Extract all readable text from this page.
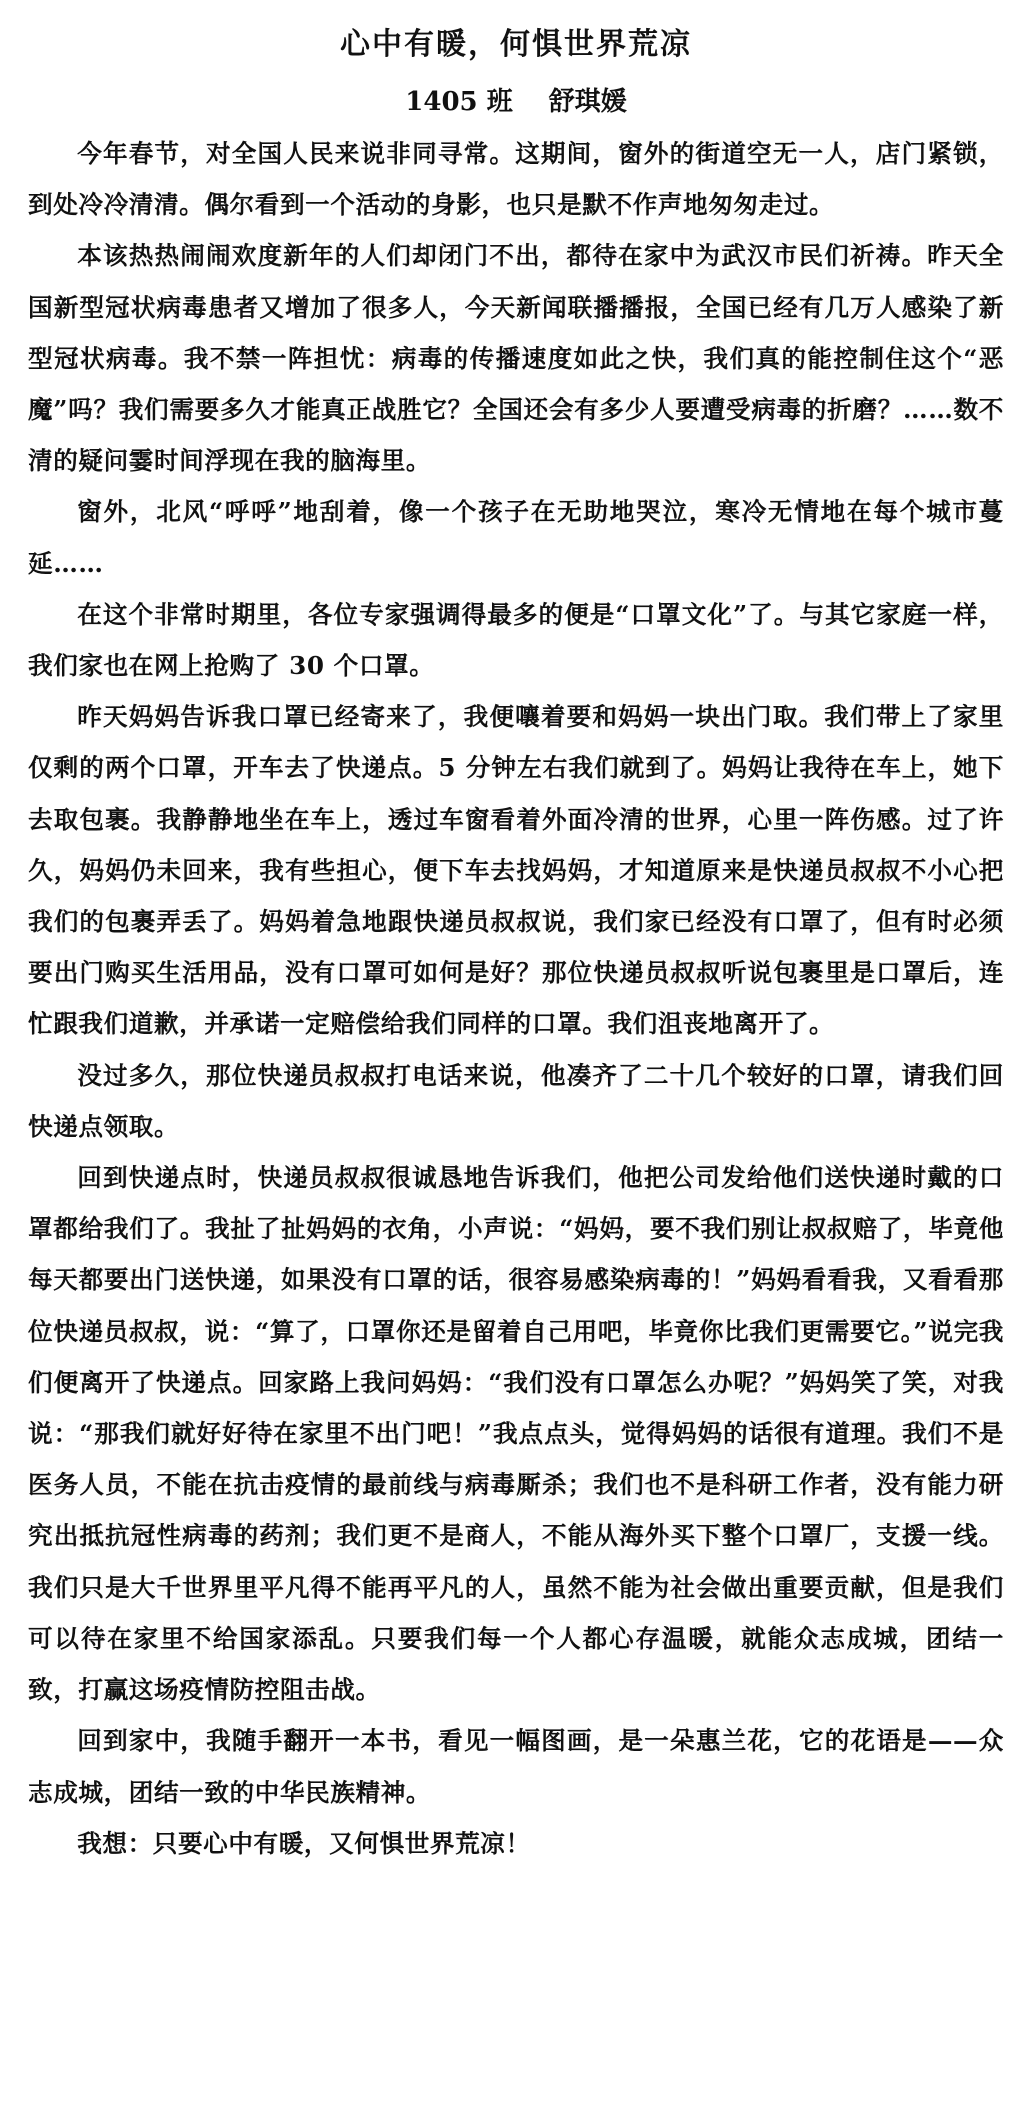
心中有暖，何惧世界荒凉
1405 班 舒琪媛

今年春节，对全国人民来说非同寻常。这期间，窗外的街道空无一人，店门紧锁，到处冷冷清清。偶尔看到一个活动的身影，也只是默不作声地匆匆走过。

本该热热闹闹欢度新年的人们却闭门不出，都待在家中为武汉市民们祈祷。昨天全国新型冠状病毒患者又增加了很多人，今天新闻联播播报，全国已经有几万人感染了新型冠状病毒。我不禁一阵担忧：病毒的传播速度如此之快，我们真的能控制住这个“恶魔”吗？我们需要多久才能真正战胜它？全国还会有多少人要遭受病毒的折磨？……数不清的疑问霎时间浮现在我的脑海里。

窗外，北风“呼呼”地刮着，像一个孩子在无助地哭泣，寒冷无情地在每个城市蔓延……

在这个非常时期里，各位专家强调得最多的便是“口罩文化”了。与其它家庭一样，我们家也在网上抢购了 30 个口罩。

昨天妈妈告诉我口罩已经寄来了，我便嚷着要和妈妈一块出门取。我们带上了家里仅剩的两个口罩，开车去了快递点。5 分钟左右我们就到了。妈妈让我待在车上，她下去取包裹。我静静地坐在车上，透过车窗看着外面冷清的世界，心里一阵伤感。过了许久，妈妈仍未回来，我有些担心，便下车去找妈妈，才知道原来是快递员叔叔不小心把我们的包裹弄丢了。妈妈着急地跟快递员叔叔说，我们家已经没有口罩了，但有时必须要出门购买生活用品，没有口罩可如何是好？那位快递员叔叔听说包裹里是口罩后，连忙跟我们道歉，并承诺一定赔偿给我们同样的口罩。我们沮丧地离开了。

没过多久，那位快递员叔叔打电话来说，他凑齐了二十几个较好的口罩，请我们回快递点领取。

回到快递点时，快递员叔叔很诚恳地告诉我们，他把公司发给他们送快递时戴的口罩都给我们了。我扯了扯妈妈的衣角，小声说：“妈妈，要不我们别让叔叔赔了，毕竟他每天都要出门送快递，如果没有口罩的话，很容易感染病毒的！”妈妈看看我，又看看那位快递员叔叔，说：“算了，口罩你还是留着自己用吧，毕竟你比我们更需要它。”说完我们便离开了快递点。回家路上我问妈妈：“我们没有口罩怎么办呢？”妈妈笑了笑，对我说：“那我们就好好待在家里不出门吧！”我点点头，觉得妈妈的话很有道理。我们不是医务人员，不能在抗击疫情的最前线与病毒厮杀；我们也不是科研工作者，没有能力研究出抵抗冠性病毒的药剂；我们更不是商人，不能从海外买下整个口罩厂，支援一线。我们只是大千世界里平凡得不能再平凡的人，虽然不能为社会做出重要贡献，但是我们可以待在家里不给国家添乱。只要我们每一个人都心存温暖，就能众志成城，团结一致，打赢这场疫情防控阻击战。

回到家中，我随手翻开一本书，看见一幅图画，是一朵惠兰花，它的花语是——众志成城，团结一致的中华民族精神。

我想：只要心中有暖，又何惧世界荒凉！
